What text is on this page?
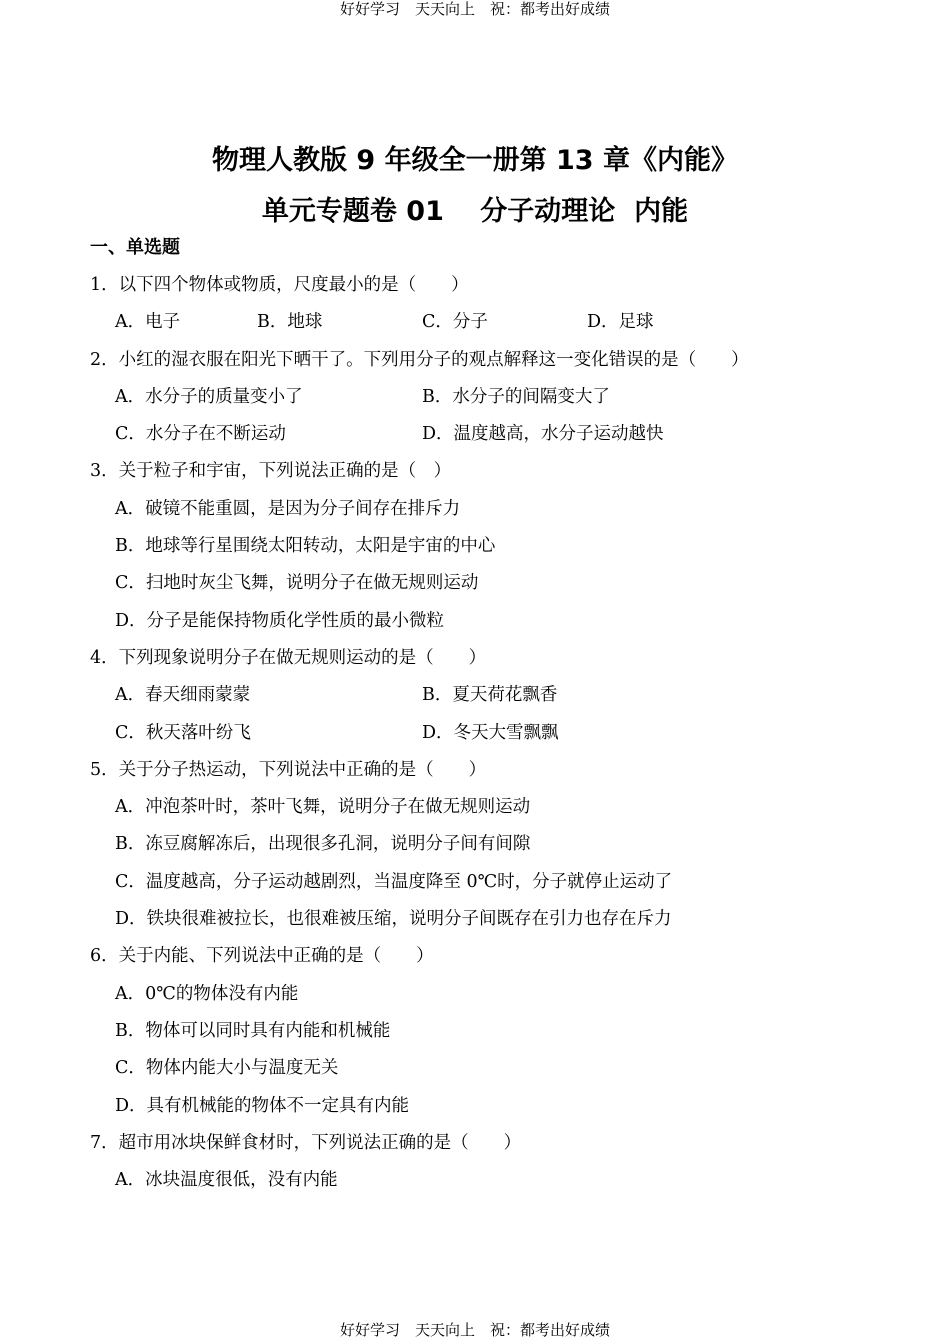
好好学习　天天向上　祝：都考出好成绩
物理人教版 9 年级全一册第 13 章《内能》
单元专题卷 01　 分子动理论  内能
一、单选题
1．以下四个物体或物质，尺度最小的是（　　）

A．电子

	B．地球

	C．分子

	D．足球

2．小红的湿衣服在阳光下晒干了。下列用分子的观点解释这一变化错误的是（　　）

A．水分子的质量变小了

	B．水分子的间隔变大了

C．水分子在不断运动

	D．温度越高，水分子运动越快

3．关于粒子和宇宙，下列说法正确的是（　）
A．破镜不能重圆，是因为分子间存在排斥力
B．地球等行星围绕太阳转动，太阳是宇宙的中心
C．扫地时灰尘飞舞，说明分子在做无规则运动
D．分子是能保持物质化学性质的最小微粒
4．下列现象说明分子在做无规则运动的是（　　）

A．春天细雨蒙蒙

	B．夏天荷花飘香

C．秋天落叶纷飞

	D．冬天大雪飘飘

5．关于分子热运动，下列说法中正确的是（　　）
A．冲泡茶叶时，茶叶飞舞，说明分子在做无规则运动
B．冻豆腐解冻后，出现很多孔洞，说明分子间有间隙
C．温度越高，分子运动越剧烈，当温度降至 0℃时，分子就停止运动了
D．铁块很难被拉长，也很难被压缩，说明分子间既存在引力也存在斥力
6．关于内能、下列说法中正确的是（　　）
A．0℃的物体没有内能
B．物体可以同时具有内能和机械能
C．物体内能大小与温度无关
D．具有机械能的物体不一定具有内能
7．超市用冰块保鲜食材时，下列说法正确的是（　　）
A．冰块温度很低，没有内能
好好学习　天天向上　祝：都考出好成绩
